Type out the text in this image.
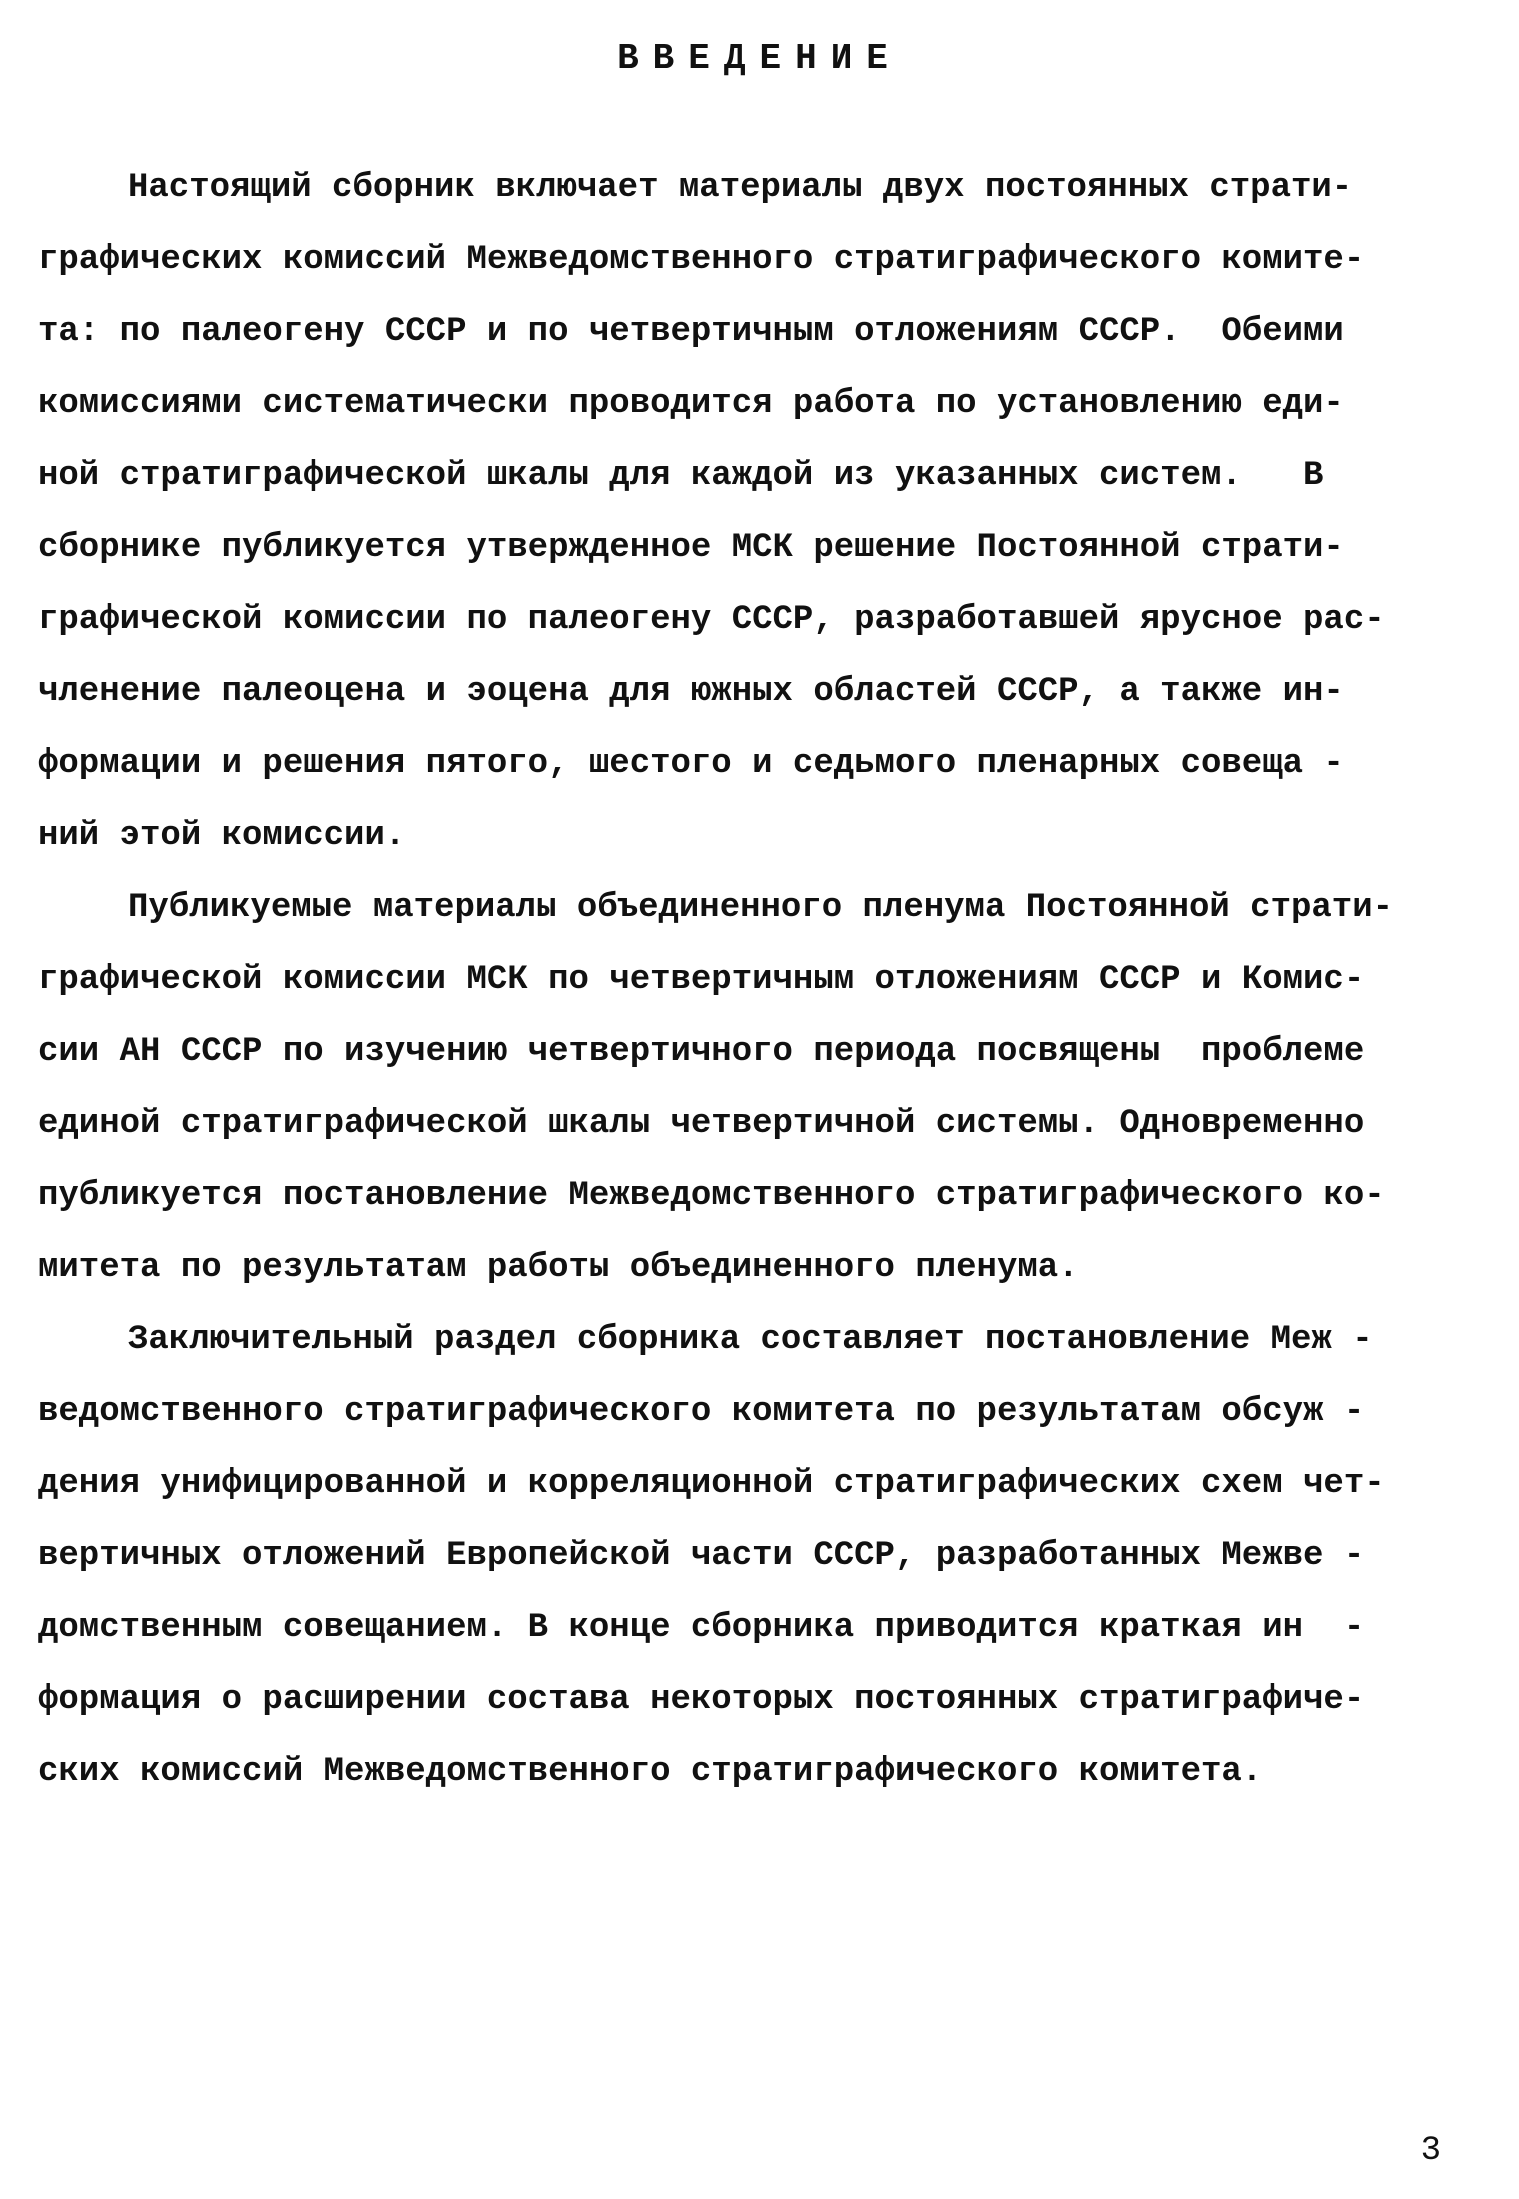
ВВЕДЕНИЕ
Настоящий сборник включает материалы двух постоянных страти-
графических комиссий Межведомственного стратиграфического комите-
та: по палеогену СССР и по четвертичным отложениям СССР.  Обеими
комиссиями систематически проводится работа по установлению еди-
ной стратиграфической шкалы для каждой из указанных систем.   В
сборнике публикуется утвержденное МСК решение Постоянной страти-
графической комиссии по палеогену СССР, разработавшей ярусное рас-
членение палеоцена и эоцена для южных областей СССР, а также ин-
формации и решения пятого, шестого и седьмого пленарных совеща -
ний этой комиссии.
Публикуемые материалы объединенного пленума Постоянной страти-
графической комиссии МСК по четвертичным отложениям СССР и Комис-
сии АН СССР по изучению четвертичного периода посвящены  проблеме
единой стратиграфической шкалы четвертичной системы. Одновременно
публикуется постановление Межведомственного стратиграфического ко-
митета по результатам работы объединенного пленума.
Заключительный раздел сборника составляет постановление Меж -
ведомственного стратиграфического комитета по результатам обсуж -
дения унифицированной и корреляционной стратиграфических схем чет-
вертичных отложений Европейской части СССР, разработанных Межве -
домственным совещанием. В конце сборника приводится краткая ин  -
формация о расширении состава некоторых постоянных стратиграфиче-
ских комиссий Межведомственного стратиграфического комитета.
3
